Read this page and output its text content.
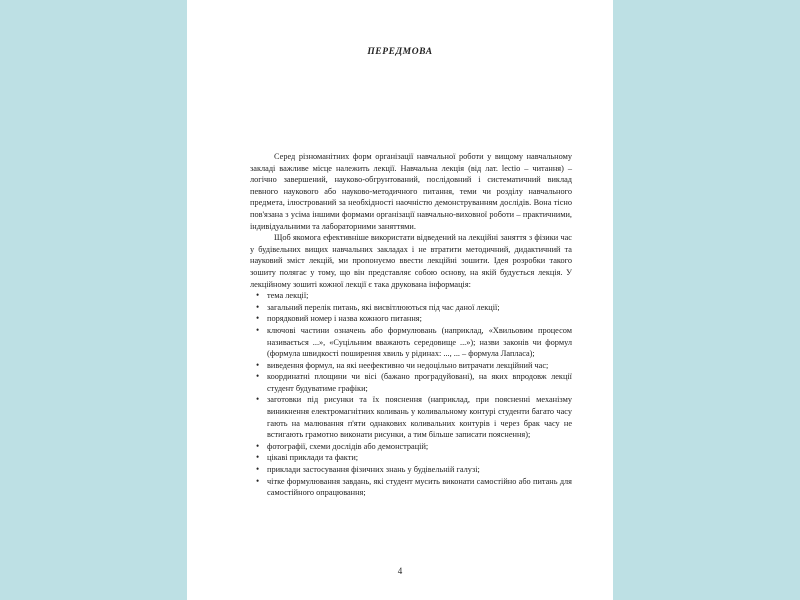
ПЕРЕДМОВА

Серед різноманітних форм організації навчальної роботи у вищому навчальному закладі важливе місце належить лекції. Навчальна лекція (від лат. lectio – читання) – логічно завершений, науково-обгрунтований, послідовний і систематичний виклад певного наукового або науково-методичного питання, теми чи розділу навчального предмета, ілюстрований за необхідності наочністю демонструванням дослідів. Вона тісно пов'язана з усіма іншими формами організації навчально-виховної роботи – практичними, індивідуальними та лабораторними заняттями.

Щоб якомога ефективніше використати відведений на лекційні заняття з фізики час у будівельних вищих навчальних закладах і не втратити методичний, дидактичний та науковий зміст лекцій, ми пропонуємо ввести лекційні зошити. Ідея розробки такого зошиту полягає у тому, що він представляє собою основу, на якій будується лекція. У лекційному зошиті кожної лекції є така друкована інформація:

• тема лекції;
• загальний перелік питань, які висвітлюються під час даної лекції;
• порядковий номер і назва кожного питання;
• ключові частини означень або формулювань (наприклад, «Хвильовим процесом називається ...», «Суцільним вважають середовище ...»); назви законів чи формул (формула швидкості поширення хвиль у рідинах: ..., ... – формула Лапласа);
• виведення формул, на які неефективно чи недоцільно витрачати лекційний час;
• координатні площини чи вісі (бажано проградуйовані), на яких впродовж лекції студент будуватиме графіки;
• заготовки під рисунки та їх пояснення (наприклад, при поясненні механізму виникнення електромагнітних коливань у коливальному контурі студенти багато часу гають на малювання п'яти однакових коливальних контурів і через брак часу не встигають грамотно виконати рисунки, а тим більше записати пояснення);
• фотографії, схеми дослідів або демонстрацій;
• цікаві приклади та факти;
• приклади застосування фізичних знань у будівельній галузі;
• чітке формулювання завдань, які студент мусить виконати самостійно або питань для самостійного опрацювання;
4
